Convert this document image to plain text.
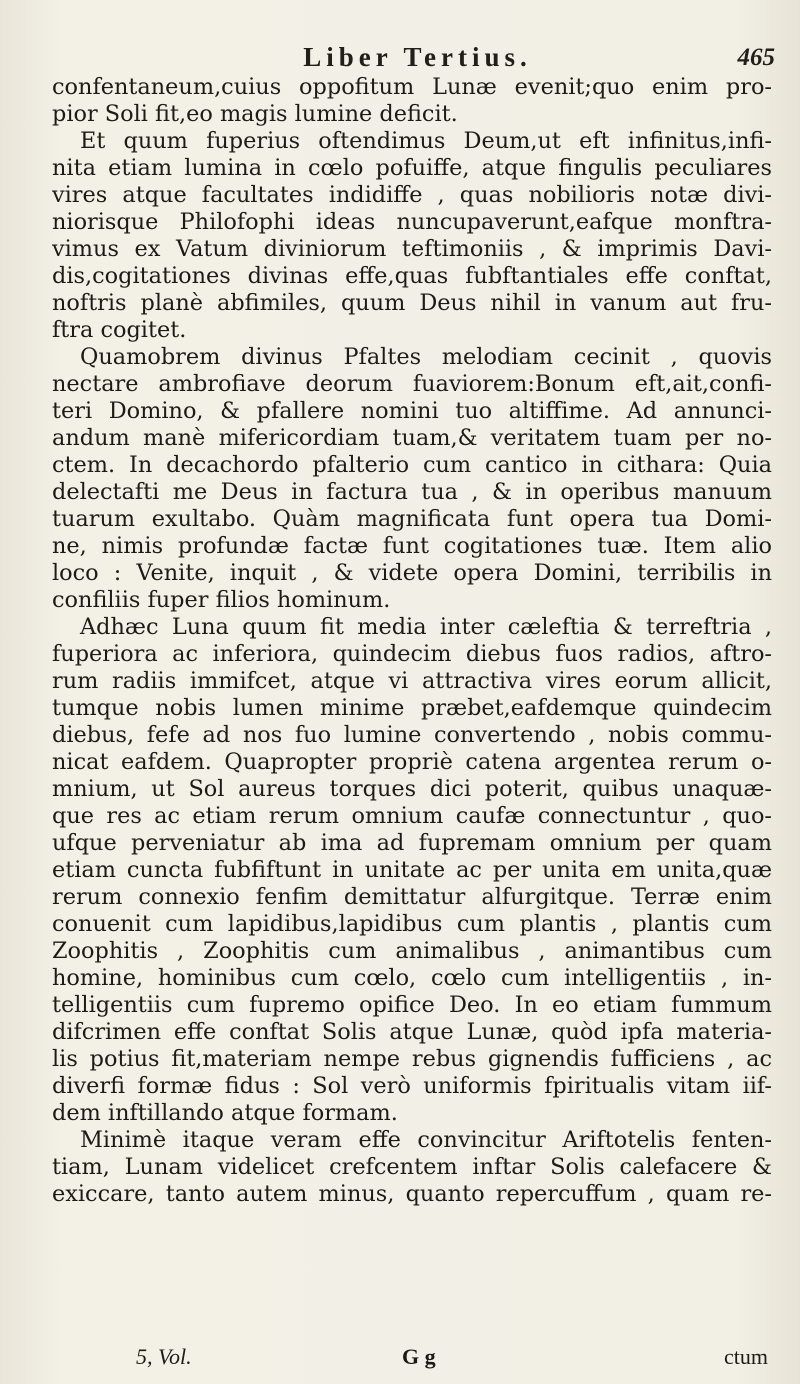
Liber Tertius.	465
confentaneum,cuius oppofitum Lunæ evenit;quo enim pro-
pior Soli fit,eo magis lumine deficit.
Et quum fuperius oftendimus Deum,ut eft infinitus,infi-
nita etiam lumina in cœlo pofuiffe, atque fingulis peculiares
vires atque facultates indidiffe , quas nobilioris notæ divi-
niorisque Philofophi ideas nuncupaverunt,eafque monftra-
vimus ex Vatum diviniorum teftimoniis , & imprimis Davi-
dis,cogitationes divinas effe,quas fubftantiales effe conftat,
noftris planè abfimiles, quum Deus nihil in vanum aut fru-
ftra cogitet.
Quamobrem divinus Pfaltes melodiam cecinit , quovis
nectare ambrofiave deorum fuaviorem:Bonum eft,ait,confi-
teri Domino, & pfallere nomini tuo altiffime. Ad annunci-
andum manè mifericordiam tuam,& veritatem tuam per no-
ctem. In decachordo pfalterio cum cantico in cithara: Quia
delectafti me Deus in factura tua , & in operibus manuum
tuarum exultabo. Quàm magnificata funt opera tua Domi-
ne, nimis profundæ factæ funt cogitationes tuæ. Item alio
loco : Venite, inquit , & videte opera Domini, terribilis in
confiliis fuper filios hominum.
Adhæc Luna quum fit media inter cæleftia & terreftria ,
fuperiora ac inferiora, quindecim diebus fuos radios, aftro-
rum radiis immifcet, atque vi attractiva vires eorum allicit,
tumque nobis lumen minime præbet,eafdemque quindecim
diebus, fefe ad nos fuo lumine convertendo , nobis commu-
nicat eafdem. Quapropter propriè catena argentea rerum o-
mnium, ut Sol aureus torques dici poterit, quibus unaquæ-
que res ac etiam rerum omnium caufæ connectuntur , quo-
ufque perveniatur ab ima ad fupremam omnium per quam
etiam cuncta fubfiftunt in unitate ac per unita em unita,quæ
rerum connexio fenfim demittatur alfurgitque. Terræ enim
conuenit cum lapidibus,lapidibus cum plantis , plantis cum
Zoophitis , Zoophitis cum animalibus , animantibus cum
homine, hominibus cum cœlo, cœlo cum intelligentiis , in-
telligentiis cum fupremo opifice Deo. In eo etiam fummum
difcrimen effe conftat Solis atque Lunæ, quòd ipfa materia-
lis potius fit,materiam nempe rebus gignendis fufficiens , ac
diverfi formæ fidus : Sol verò uniformis fpiritualis vitam iif-
dem inftillando atque formam.
Minimè itaque veram effe convincitur Ariftotelis fenten-
tiam, Lunam videlicet crefcentem inftar Solis calefacere &
exiccare, tanto autem minus, quanto repercuffum , quam re-
5, Vol.	G g	ctum
